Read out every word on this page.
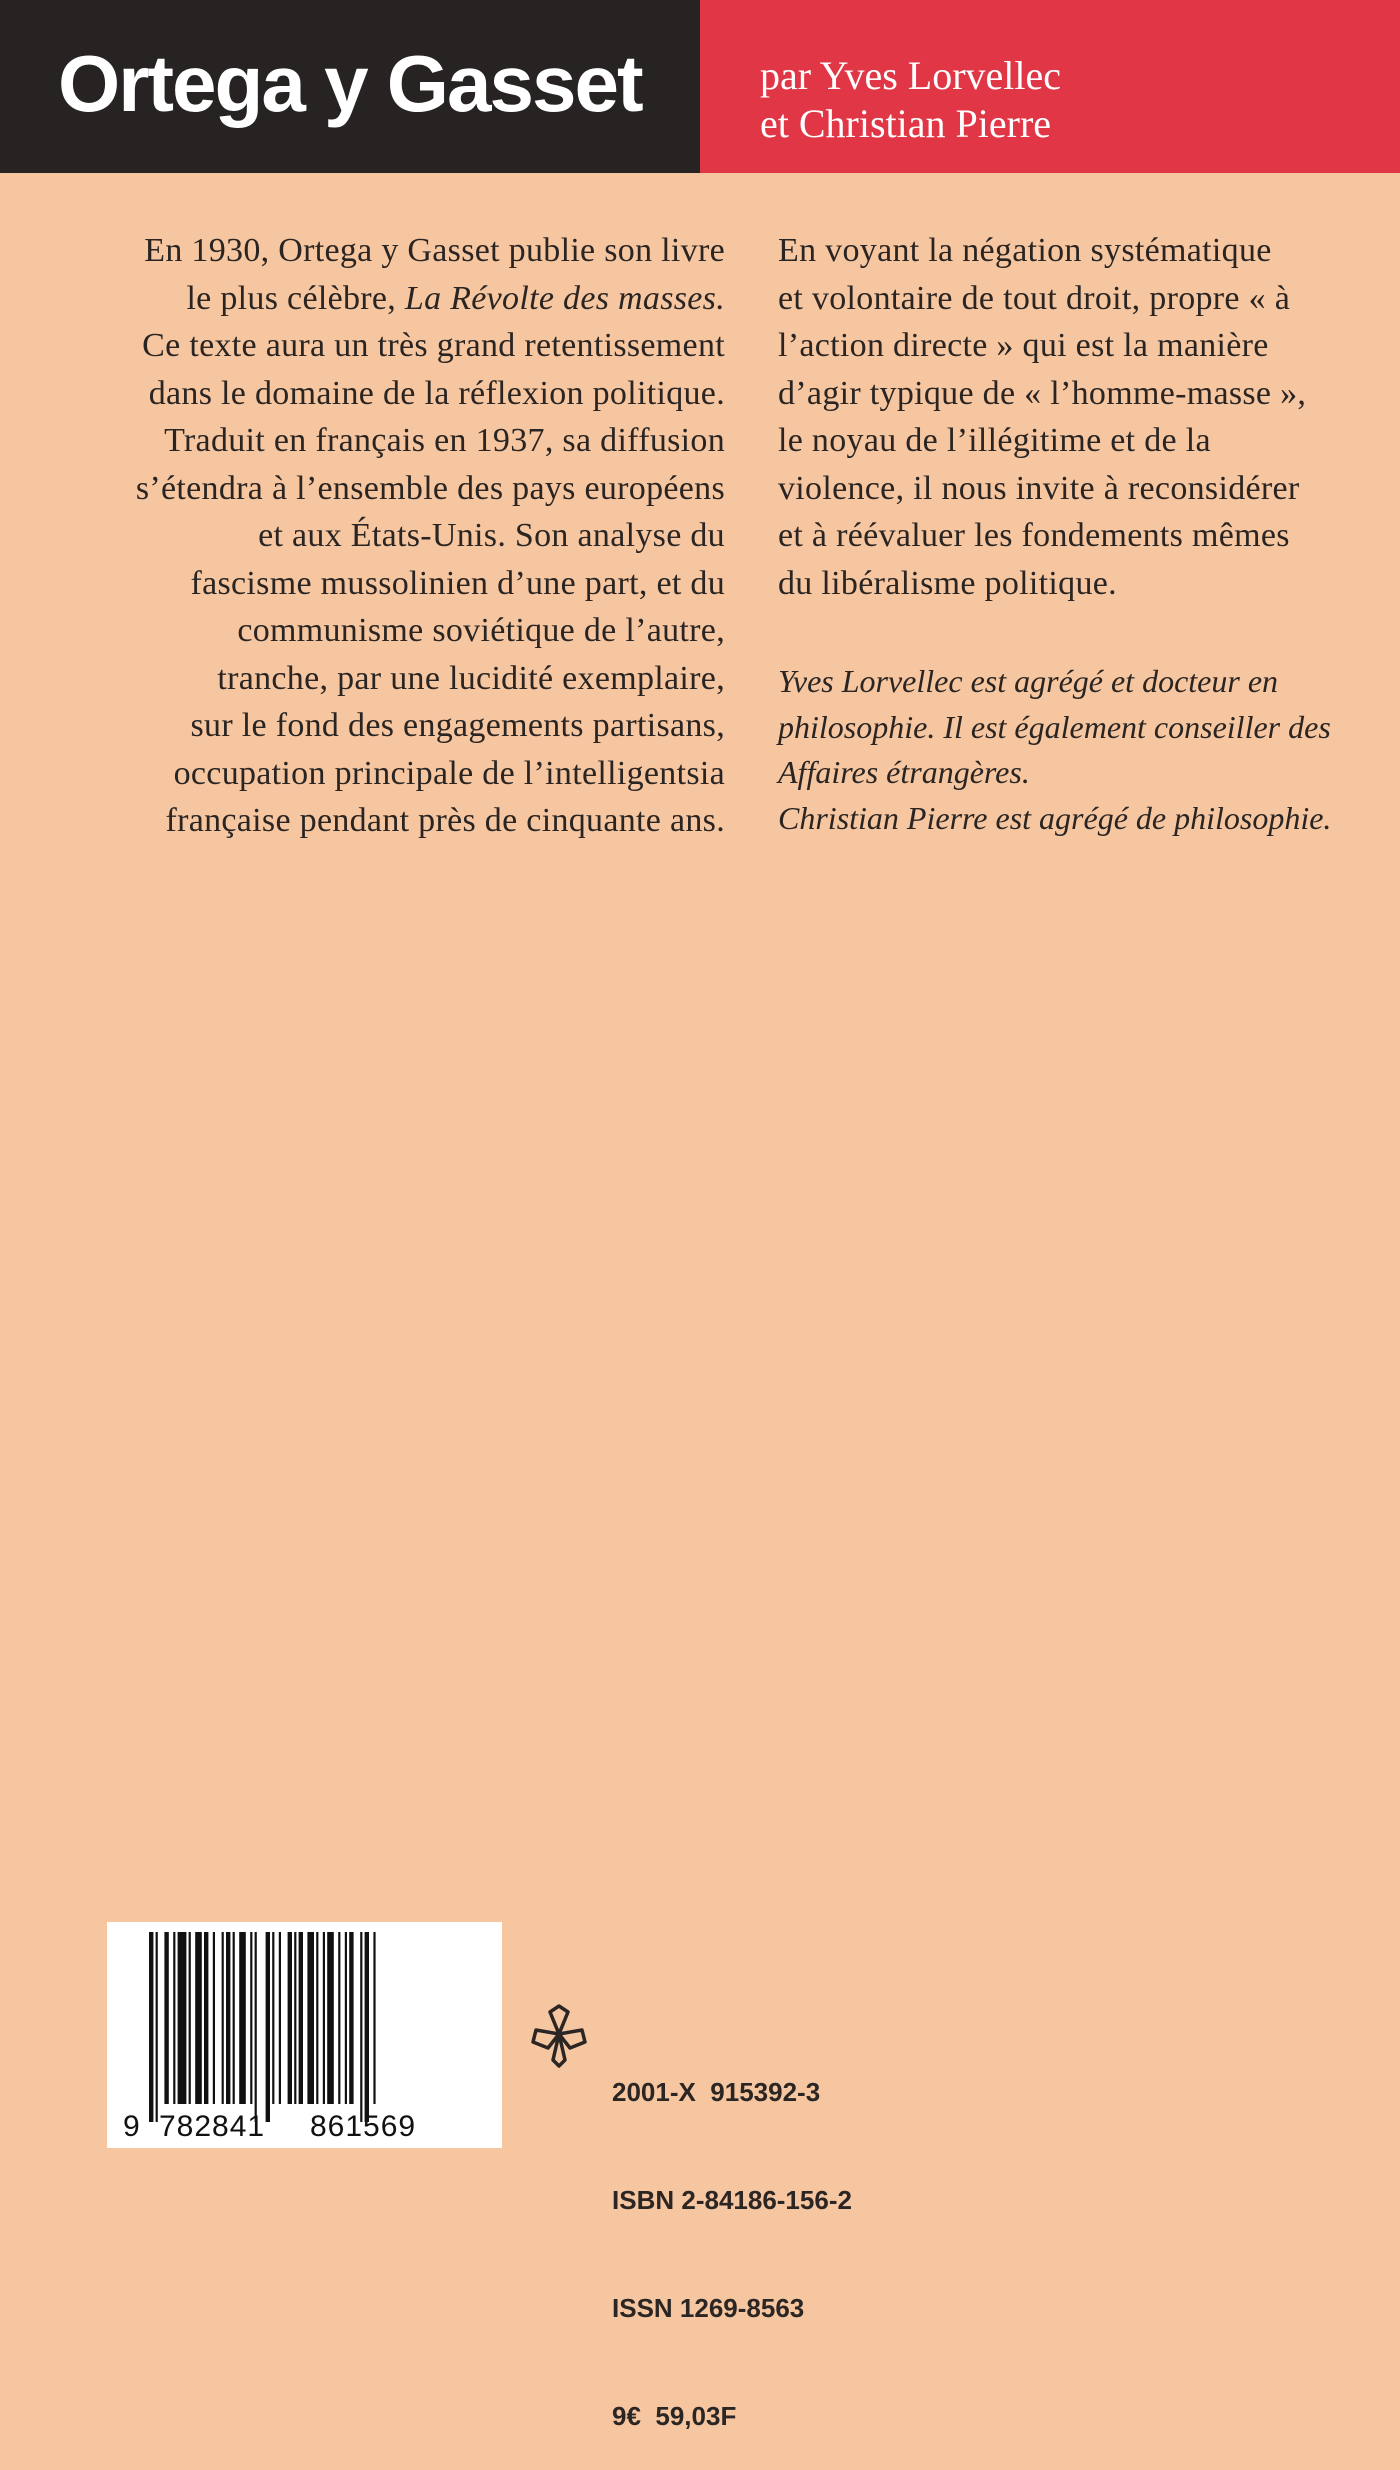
Ortega y Gasset	par Yves Lorvellec
et Christian Pierre
En 1930, Ortega y Gasset publie son livre
le plus célèbre, La Révolte des masses.
Ce texte aura un très grand retentissement
dans le domaine de la réflexion politique.
Traduit en français en 1937, sa diffusion
s’étendra à l’ensemble des pays européens
et aux États-Unis. Son analyse du
fascisme mussolinien d’une part, et du
communisme soviétique de l’autre,
tranche, par une lucidité exemplaire,
sur le fond des engagements partisans,
occupation principale de l’intelligentsia
française pendant près de cinquante ans.
En voyant la négation systématique
et volontaire de tout droit, propre « à
l’action directe » qui est la manière
d’agir typique de « l’homme-masse »,
le noyau de l’illégitime et de la
violence, il nous invite à reconsidérer
et à réévaluer les fondements mêmes
du libéralisme politique.
Yves Lorvellec est agrégé et docteur en
philosophie. Il est également conseiller des
Affaires étrangères.
Christian Pierre est agrégé de philosophie.
9 782841 861569

2001-X 915392-3

ISBN 2-84186-156-2

ISSN 1269-8563

9€ 59,03F
